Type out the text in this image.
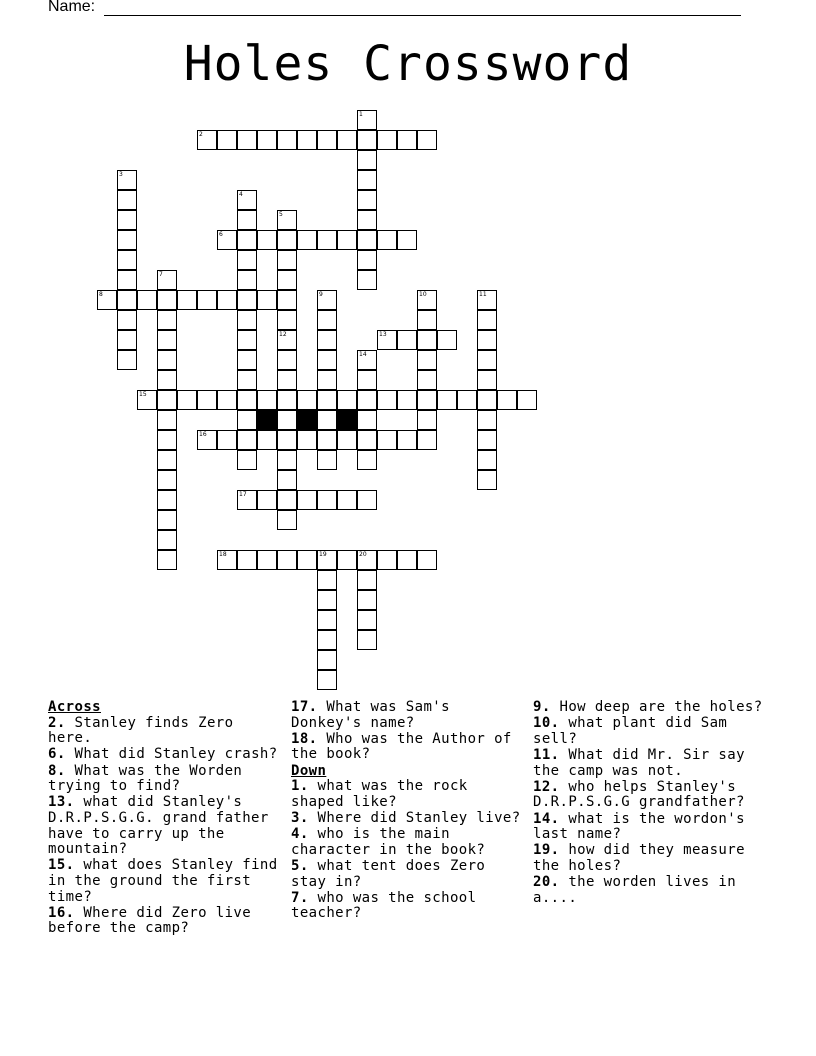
Name:
Holes Crossword
1
2
3
4
5
12
6
7
8	9	10	11
13
14
15
16
17
18	19	20
Across
2. Stanley finds Zero here.
6. What did Stanley crash?
8. What was the Worden trying to find?
13. what did Stanley's D.R.P.S.G.G. grand father have to carry up the mountain?
15. what does Stanley find in the ground the first time?
16. Where did Zero live before the camp?
17. What was Sam's Donkey's name?
18. Who was the Author of the book?
Down
1. what was the rock shaped like?
3. Where did Stanley live?
4. who is the main character in the book?
5. what tent does Zero stay in?
7. who was the school teacher?
9. How deep are the holes?
10. what plant did Sam sell?
11. What did Mr. Sir say the camp was not.
12. who helps Stanley's D.R.P.S.G.G grandfather?
14. what is the wordon's last name?
19. how did they measure the holes?
20. the worden lives in a....
